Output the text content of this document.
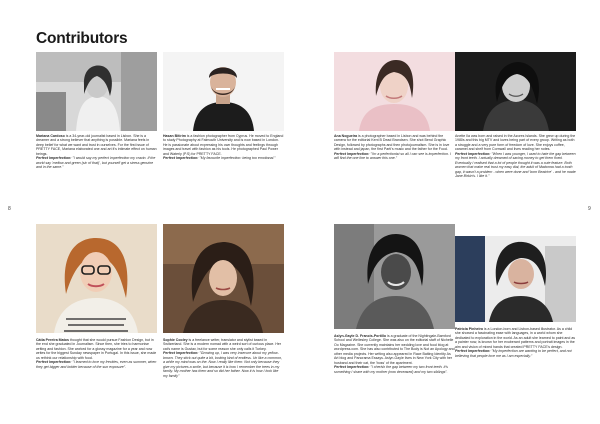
Contributors
8	9
Mariana Cardoso is a 34-year-old journalist based in Lisbon. She is a dreamer and a strong believer that anything is possible. Mariana feels in deep belief for what we want and trust in ourselves. For the first issue of PRETTY FACE, Mariana elaborated one and art it's intimate effect on human beings.
Perfect Imperfection: "I would say my perfect imperfection my cravin. If the world say 'mellow and green (sic of that)', but yourself get a stress genuine and in the same."
Hasan Bitirim is a fashion photographer from Cyprus. He moved to England to study Photography at Falmouth University and is now based in London. He is passionate about expressing his own thoughts and feelings through images and travel with fashion as his tools. He photographed Paul Power and Waterly (P.S) for PRETTY FACE.
Perfect Imperfection: "My favourite imperfection: being too emotional."
Ana Nogueira is a photographer based in Lisbon and was behind the camera for the editorial Kent B Dead Brandsen. She shot Bend Graphic Design, followed by photographs and then photojournalism. She is in love with instead and japan, the first Parti's music and the father for the Food.
Perfect Imperfection: "I'm a perfectionist so all I can see is imperfection. I will find the one line to answer this one."
Anette Ila was born and raised in the Azores Islands. She grew up during the 1980s and this big MTV and loves being part of every group. Writing as both a struggle and a very pure form of freedom of love. She enjoys coffee, caramel and shelf from Cornwall and lives reading her notes.
Perfect Imperfection: "When I was younger, I used to hate the gap between my front teeth. I actually dreamed of saving money to get them fixed. Eventually I realised that a lot of people thought it was a cute feature. Both women that make real trust my easy dial, the adult of Madonna had a tooth gap, it wasn't a problem - when were done and 'born Beatrice' - and he made Jane Birkin's. I like it."
Cátia Pereira Matos thought that she would pursue Fashion Design, but in the end she graduated in Journalism. Since then, she tries to harmonise writing and fashion. She worked for a glossy magazine for a year and now writes for the biggest Sunday newspaper in Portugal. In this issue, she made us rethink our relationship with food.
Perfect Imperfection: "I learned to love my freckles, even as summer, when they get bigger and bolder because of the sun exposure".
Sophie Cooley is a freelance writer, translator and stylist based in Switzerland. She is a modern nomad with a weird sort of curious place. Her cat's name is Gustav, but for some reason she only calls it Turkey.
Perfect Imperfection: "Growing up, I was very insecure about my yellow-brown. They stick out quite a bit, looking kind of endless. Un like a common, a while my mind was on the. Now I really like them: Not only because they give my pictures a smile, but because it is how I remember the trees in my family. My mother has them and so did her father. Now it is how I look like my family"
Aslyn-Gayle D. Francis-Portillo is a graduate of the Nightingale-Bamford School and Wellesley College. She was also on the editorial staff of Nichelle Oo Magazine. She currently maintains her wedding love and food blog at wordpress.com. She has also contributed to The Body is Not an Apology and other media projects. Her writing also appeared in Race Baiting Identity As Art blog and Panorama Essays. Aslyn-Gayle lives in New York City with her husband and their cat, the 'boss' of the apartment.
Perfect Imperfection: "I cherish the gap between my two front teeth. It's something I share with my mother (now deceased) and my two siblings".
Patrícia Pinheiro is a London-born and Lisbon-based illustrator. As a child she showed a fascinating ease with languages, in a world whom she dedicated to exploration in the world. As an adult she learned to paint and as a painter now, is known for her exuberant patterns and portrait images in the aim and vision of mixed hands that created PRETTY FACE's design.
Perfect Imperfection: "My imperfection are wanting to be perfect, and not believing that people love me as I am especially."
